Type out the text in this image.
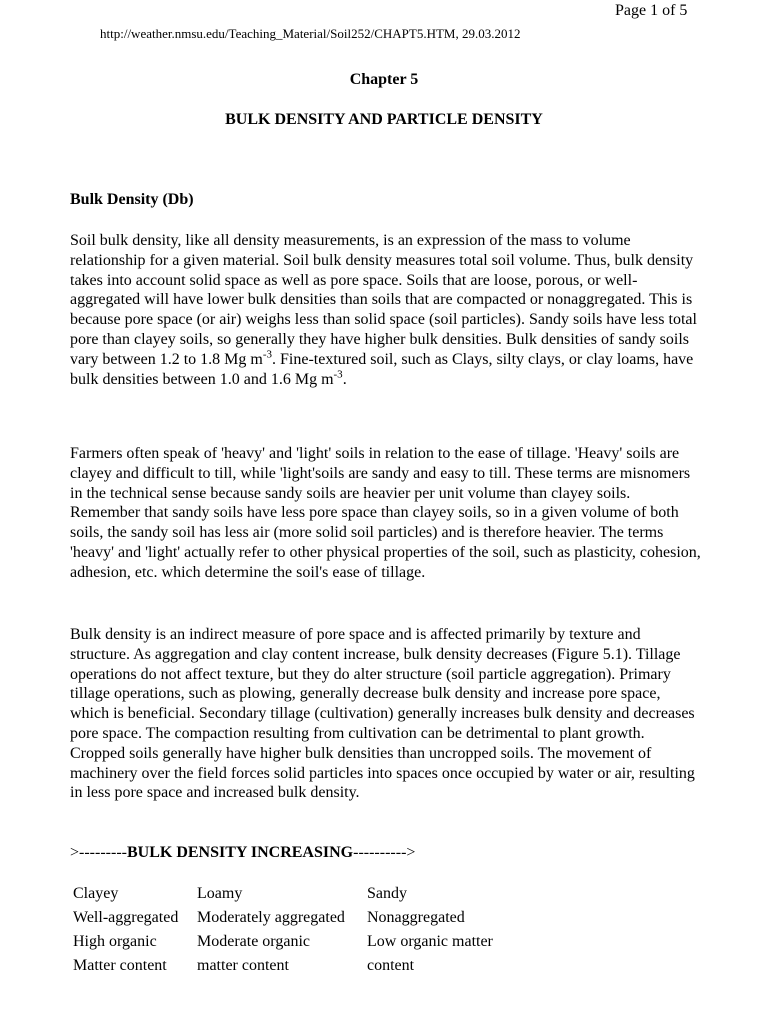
Page 1 of 5
http://weather.nmsu.edu/Teaching_Material/Soil252/CHAPT5.HTM, 29.03.2012
Chapter 5
BULK DENSITY AND PARTICLE DENSITY
Bulk Density (Db)

Soil bulk density, like all density measurements, is an expression of the mass to volume relationship for a given material. Soil bulk density measures total soil volume. Thus, bulk density takes into account solid space as well as pore space. Soils that are loose, porous, or well-aggregated will have lower bulk densities than soils that are compacted or nonaggregated. This is because pore space (or air) weighs less than solid space (soil particles). Sandy soils have less total pore than clayey soils, so generally they have higher bulk densities. Bulk densities of sandy soils vary between 1.2 to 1.8 Mg $m^{-3}$. Fine-textured soil, such as Clays, silty clays, or clay loams, have bulk densities between 1.0 and 1.6 Mg $m^{-3}$.

Farmers often speak of 'heavy' and 'light' soils in relation to the ease of tillage. 'Heavy' soils are clayey and difficult to till, while 'light'soils are sandy and easy to till. These terms are misnomers in the technical sense because sandy soils are heavier per unit volume than clayey soils. Remember that sandy soils have less pore space than clayey soils, so in a given volume of both soils, the sandy soil has less air (more solid soil particles) and is therefore heavier. The terms 'heavy' and 'light' actually refer to other physical properties of the soil, such as plasticity, cohesion, adhesion, etc. which determine the soil's ease of tillage.

Bulk density is an indirect measure of pore space and is affected primarily by texture and structure. As aggregation and clay content increase, bulk density decreases (Figure 5.1). Tillage operations do not affect texture, but they do alter structure (soil particle aggregation). Primary tillage operations, such as plowing, generally decrease bulk density and increase pore space, which is beneficial. Secondary tillage (cultivation) generally increases bulk density and decreases pore space. The compaction resulting from cultivation can be detrimental to plant growth. Cropped soils generally have higher bulk densities than uncropped soils. The movement of machinery over the field forces solid particles into spaces once occupied by water or air, resulting in less pore space and increased bulk density.

>---------BULK DENSITY INCREASING---------->
Clayey	Loamy	Sandy
Well-aggregated	Moderately aggregated	Nonaggregated
High organic	Moderate organic	Low organic matter
Matter content	matter content	content
